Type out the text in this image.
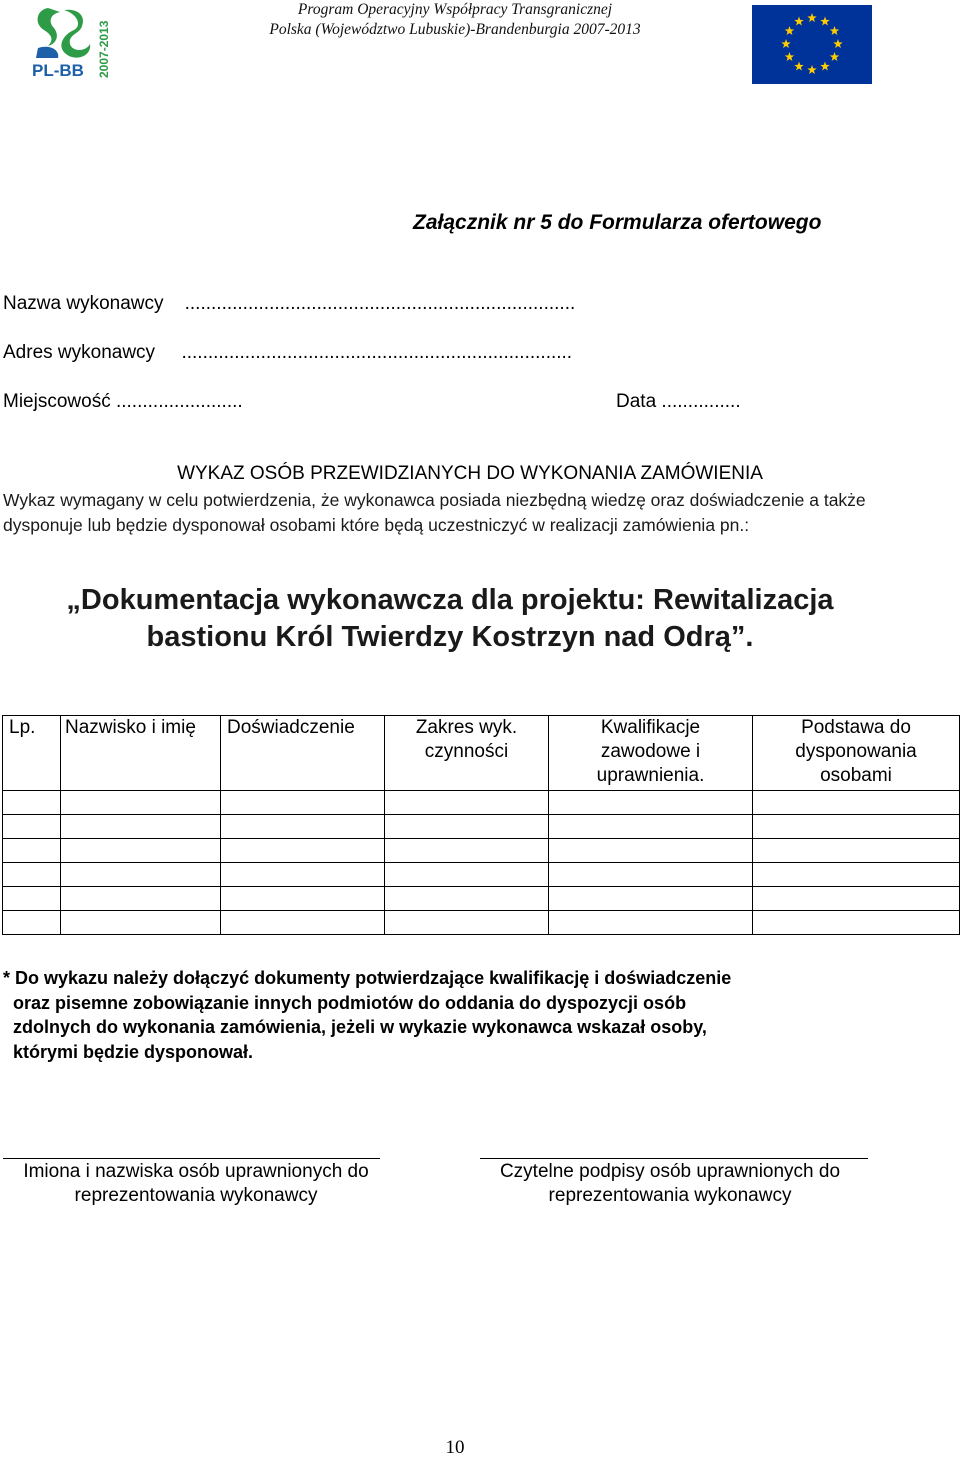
PL-BB 2007-2013
Program Operacyjny Współpracy Transgranicznej
Polska (Województwo Lubuskie)-Brandenburgia 2007-2013
Załącznik nr 5 do Formularza ofertowego
Nazwa wykonawcy    ..........................................................................
Adres wykonawcy     ..........................................................................
Miejscowość ........................	Data ...............
WYKAZ OSÓB PRZEWIDZIANYCH DO WYKONANIA ZAMÓWIENIA
Wykaz wymagany w celu potwierdzenia, że wykonawca posiada niezbędną wiedzę oraz doświadczenie a także dysponuje lub będzie dysponował osobami które będą uczestniczyć w realizacji zamówienia pn.:
„Dokumentacja wykonawcza dla projektu: Rewitalizacja
bastionu Król Twierdzy Kostrzyn nad Odrą”.
Lp.	Nazwisko i imię	Doświadczenie	Zakres wyk. czynności	Kwalifikacje zawodowe i uprawnienia.	Podstawa do dysponowania osobami

* Do wykazu należy dołączyć dokumenty potwierdzające kwalifikację i doświadczenie
oraz pisemne zobowiązanie innych podmiotów do oddania do dyspozycji osób
zdolnych do wykonania zamówienia, jeżeli w wykazie wykonawca wskazał osoby,
którymi będzie dysponował.
Imiona i nazwiska osób uprawnionych do
reprezentowania wykonawcy
Czytelne podpisy osób uprawnionych do
reprezentowania wykonawcy
10
